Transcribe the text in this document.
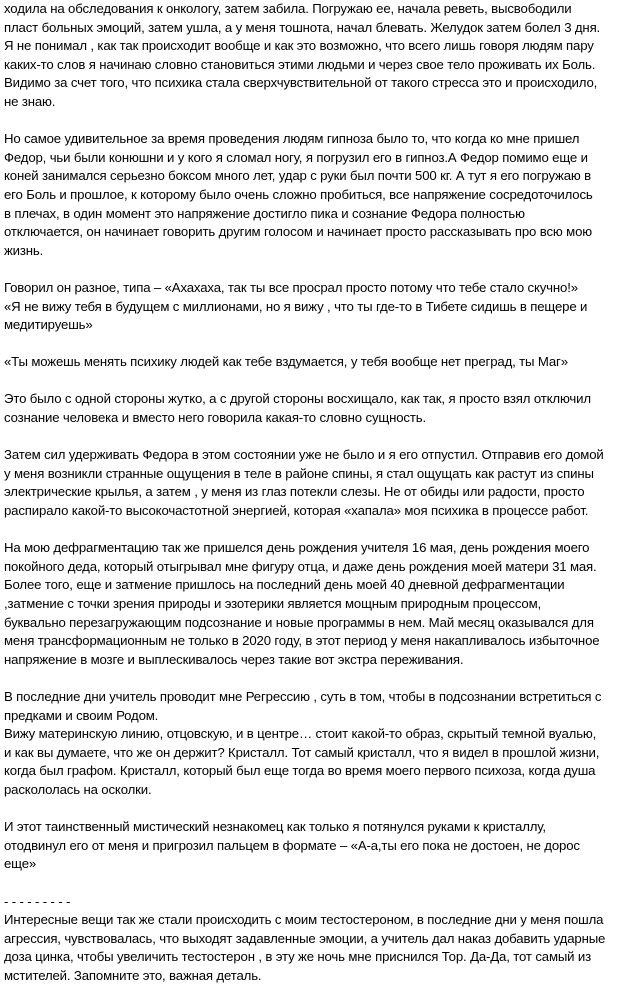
ходила на обследования к онкологу, затем забила. Погружаю ее, начала реветь, высвободили
пласт больных эмоций, затем ушла, а у меня тошнота, начал блевать. Желудок затем болел 3 дня.
Я не понимал , как так происходит вообще и как это возможно, что всего лишь говоря людям пару
каких-то слов я начинаю словно становиться этими людьми и через свое тело проживать их Боль.
Видимо за счет того, что психика стала сверхчувствительной от такого стресса это и происходило,
не знаю.
Но самое удивительное за время проведения людям гипноза было то, что когда ко мне пришел
Федор, чьи были конюшни и у кого я сломал ногу, я погрузил его в гипноз.А Федор помимо еще и
коней занимался серьезно боксом много лет, удар с руки был почти 500 кг. А тут я его погружаю в
его Боль и прошлое, к которому было очень сложно пробиться, все напряжение сосредоточилось
в плечах, в один момент это напряжение достигло пика и сознание Федора полностью
отключается, он начинает говорить другим голосом и начинает просто рассказывать про всю мою
жизнь.
Говорил он разное, типа – «Ахахаха, так ты все просрал просто потому что тебе стало скучно!»
«Я не вижу тебя в будущем с миллионами, но я вижу , что ты где-то в Тибете сидишь в пещере и
медитируешь»
«Ты можешь менять психику людей как тебе вздумается, у тебя вообще нет преград, ты Маг»
Это было с одной стороны жутко, а с другой стороны восхищало, как так, я просто взял отключил
сознание человека и вместо него говорила какая-то словно сущность.
Затем сил удерживать Федора в этом состоянии уже не было и я его отпустил. Отправив его домой
у меня возникли странные ощущения в теле в районе спины, я стал ощущать как растут из спины
электрические крылья, а затем , у меня из глаз потекли слезы. Не от обиды или радости, просто
распирало какой-то высокочастотной энергией, которая «хапала» моя психика в процессе работ.
На мою дефрагментацию так же пришелся день рождения учителя 16 мая, день рождения моего
покойного деда, который отыгрывал мне фигуру отца, и даже день рождения моей матери 31 мая.
Более того, еще и затмение пришлось на последний день моей 40 дневной дефрагментации
,затмение с точки зрения природы и эзотерики является мощным природным процессом,
буквально перезагружающим подсознание и новые программы в нем. Май месяц оказывался для
меня трансформационным не только в 2020 году, в этот период у меня накапливалось избыточное
напряжение в мозге и выплескивалось через такие вот экстра переживания.
В последние дни учитель проводит мне Регрессию , суть в том, чтобы в подсознании встретиться с
предками и своим Родом.
Вижу материнскую линию, отцовскую, и в центре… стоит какой-то образ, скрытый темной вуалью,
и как вы думаете, что же он держит? Кристалл. Тот самый кристалл, что я видел в прошлой жизни,
когда был графом. Кристалл, который был еще тогда во время моего первого психоза, когда душа
раскололась на осколки.
И этот таинственный мистический незнакомец как только я потянулся руками к кристаллу,
отодвинул его от меня и пригрозил пальцем в формате – «А-а,ты его пока не достоен, не дорос
еще»
- - - - - - - - -
Интересные вещи так же стали происходить с моим тестостероном, в последние дни у меня пошла
агрессия, чувствовалась, что выходят задавленные эмоции, а учитель дал наказ добавить ударные
доза цинка, чтобы увеличить тестостерон , в эту же ночь мне приснился Тор. Да-Да, тот самый из
мстителей. Запомните это, важная деталь.
